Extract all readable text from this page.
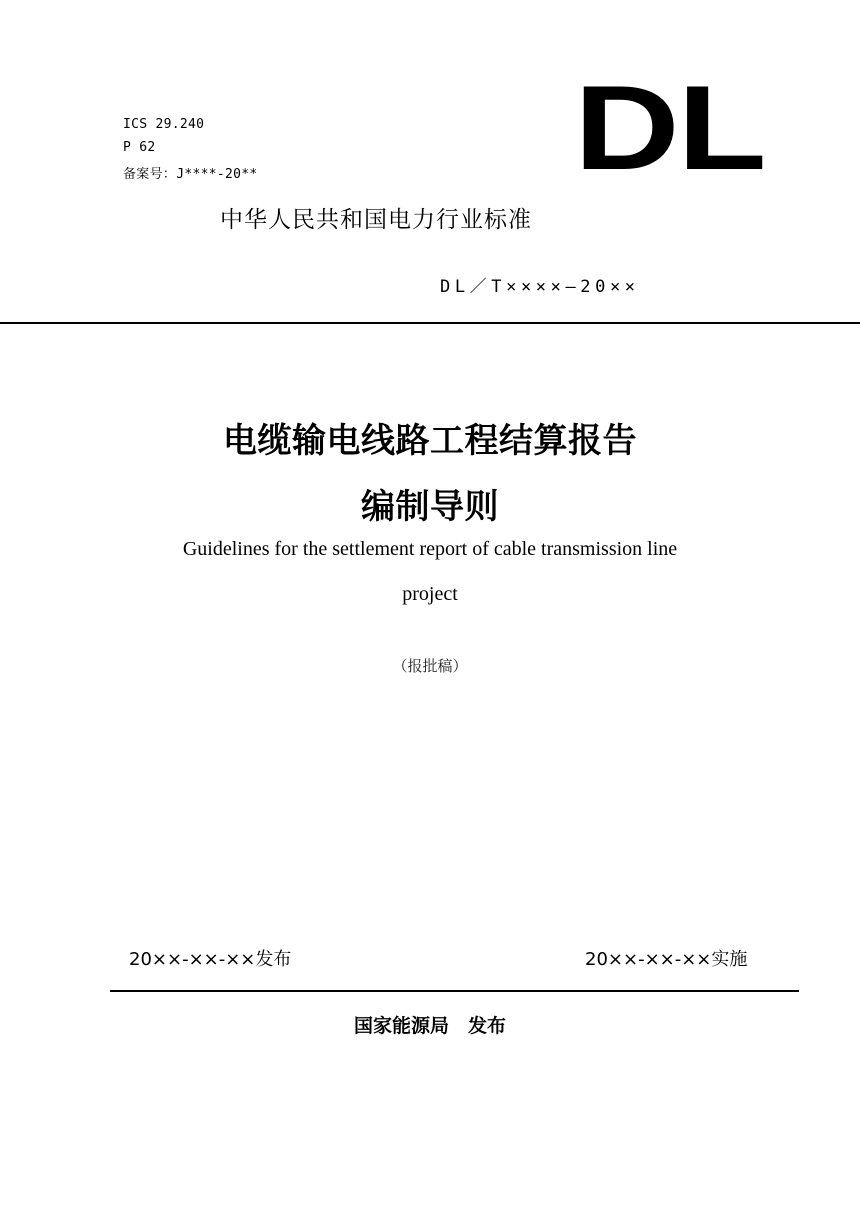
ICS 29.240
P 62
备案号：J****-20**	DL
中华人民共和国电力行业标准
DL／T××××—20××
电缆输电线路工程结算报告
编制导则
Guidelines for the settlement report of cable transmission line
project
（报批稿）
20××-××-××发布	20××-××-××实施
国家能源局　发布
